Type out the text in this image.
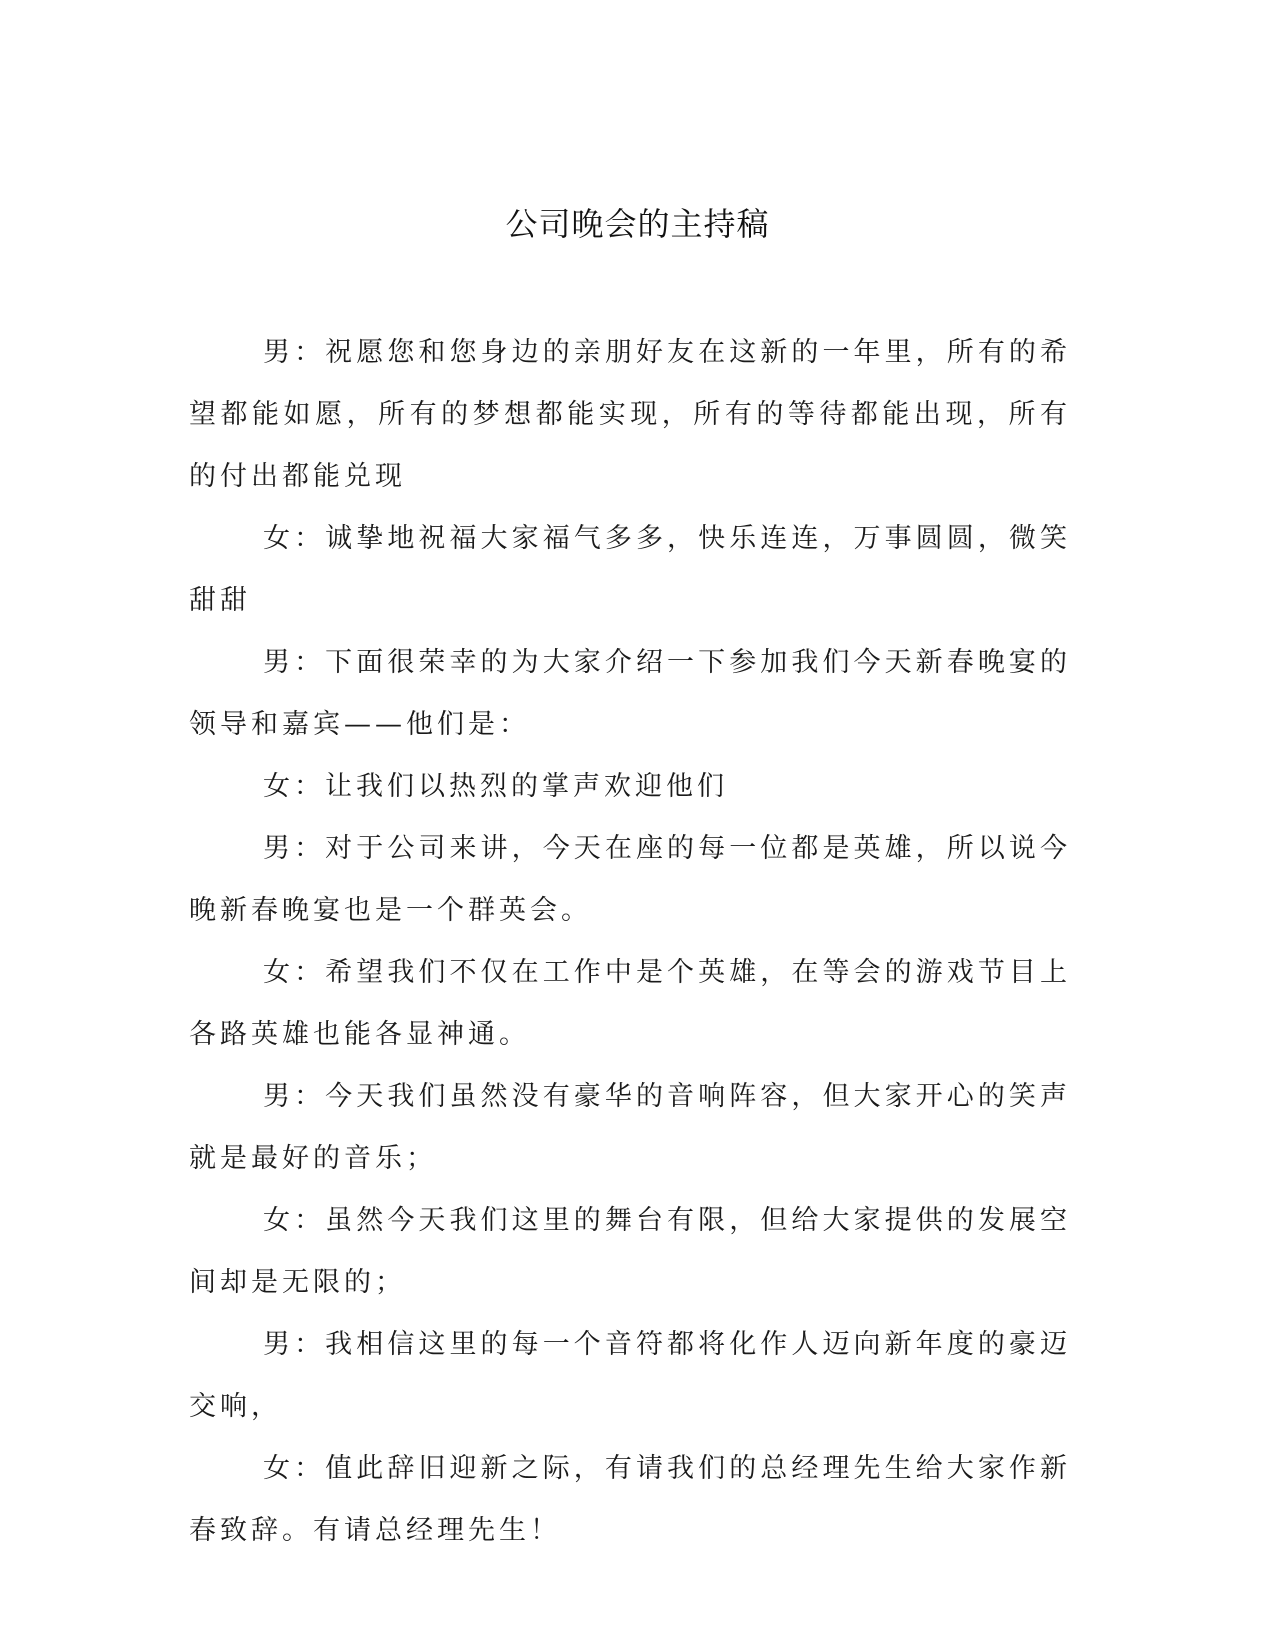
公司晚会的主持稿

男：祝愿您和您身边的亲朋好友在这新的一年里，所有的希望都能如愿，所有的梦想都能实现，所有的等待都能出现，所有的付出都能兑现

女：诚挚地祝福大家福气多多，快乐连连，万事圆圆，微笑甜甜

男：下面很荣幸的为大家介绍一下参加我们今天新春晚宴的领导和嘉宾——他们是：

女：让我们以热烈的掌声欢迎他们

男：对于公司来讲，今天在座的每一位都是英雄，所以说今晚新春晚宴也是一个群英会。

女：希望我们不仅在工作中是个英雄，在等会的游戏节目上各路英雄也能各显神通。

男：今天我们虽然没有豪华的音响阵容，但大家开心的笑声就是最好的音乐；

女：虽然今天我们这里的舞台有限，但给大家提供的发展空间却是无限的；

男：我相信这里的每一个音符都将化作人迈向新年度的豪迈交响，

女：值此辞旧迎新之际，有请我们的总经理先生给大家作新春致辞。有请总经理先生！
